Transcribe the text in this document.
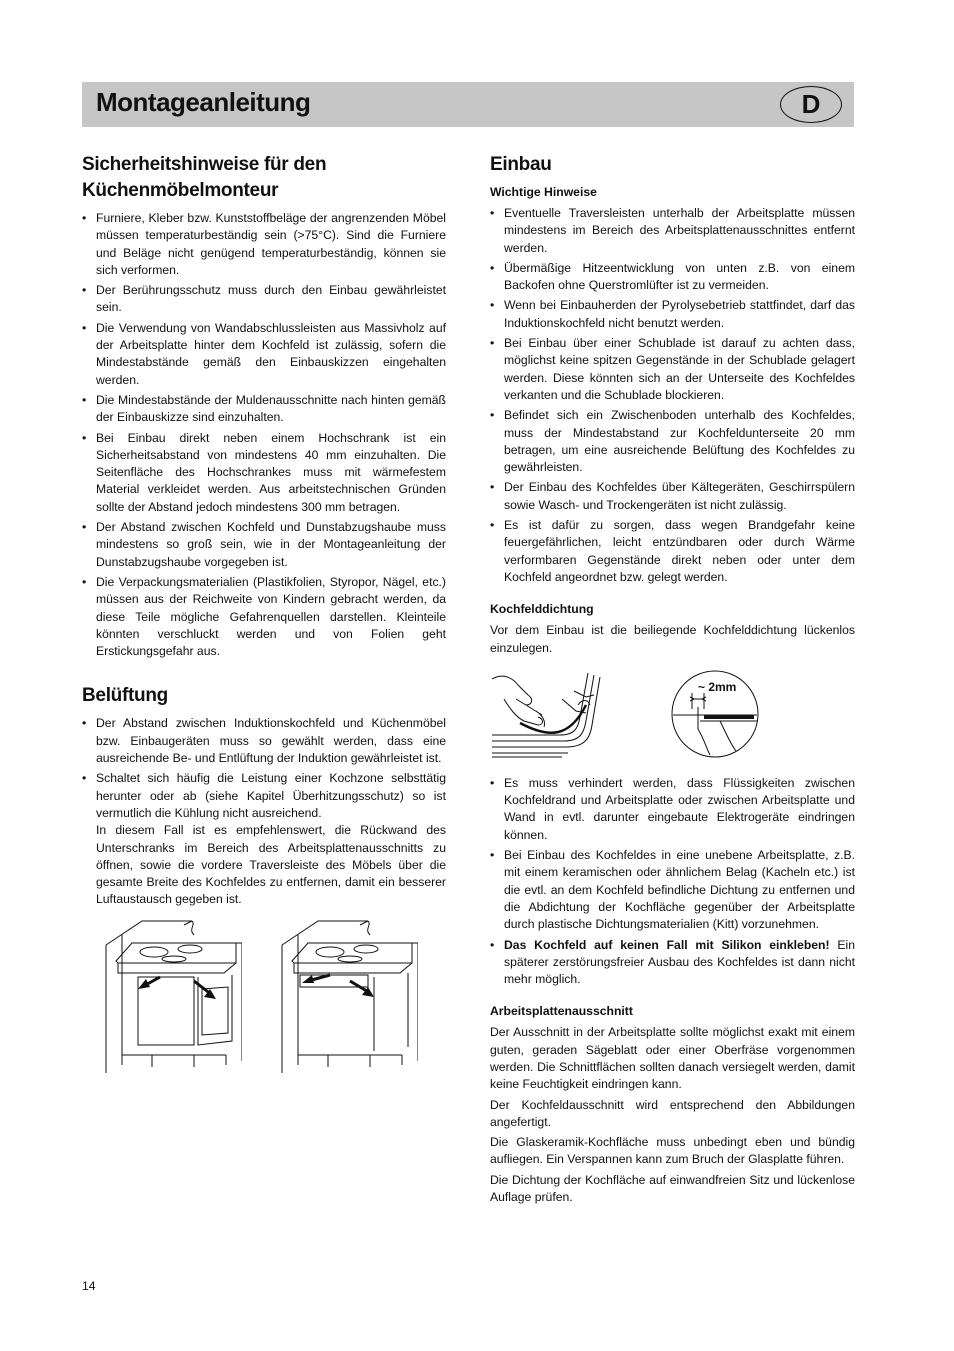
Montageanleitung	D
Sicherheitshinweise für den
Küchenmöbelmonteur
• Furniere, Kleber bzw. Kunststoffbeläge der angrenzenden Möbel müssen temperaturbeständig sein (>75°C). Sind die Furniere und Beläge nicht genügend temperaturbeständig, können sie sich verformen.
• Der Berührungsschutz muss durch den Einbau gewährleistet sein.
• Die Verwendung von Wandabschlussleisten aus Massivholz auf der Arbeitsplatte hinter dem Kochfeld ist zulässig, sofern die Mindestabstände gemäß den Einbauskizzen eingehalten werden.
• Die Mindestabstände der Muldenausschnitte nach hinten gemäß der Einbauskizze sind einzuhalten.
• Bei Einbau direkt neben einem Hochschrank ist ein Sicherheitsabstand von mindestens 40 mm einzuhalten. Die Seitenfläche des Hochschrankes muss mit wärmefestem Material verkleidet werden. Aus arbeitstechnischen Gründen sollte der Abstand jedoch mindestens 300 mm betragen.
• Der Abstand zwischen Kochfeld und Dunstabzugshaube muss mindestens so groß sein, wie in der Montageanleitung der Dunstabzugshaube vorgegeben ist.
• Die Verpackungsmaterialien (Plastikfolien, Styropor, Nägel, etc.) müssen aus der Reichweite von Kindern gebracht werden, da diese Teile mögliche Gefahrenquellen darstellen. Kleinteile könnten verschluckt werden und von Folien geht Erstickungsgefahr aus.
Belüftung
• Der Abstand zwischen Induktionskochfeld und Küchenmöbel bzw. Einbaugeräten muss so gewählt werden, dass eine ausreichende Be- und Entlüftung der Induktion gewährleistet ist.
• Schaltet sich häufig die Leistung einer Kochzone selbsttätig herunter oder ab (siehe Kapitel Überhitzungsschutz) so ist vermutlich die Kühlung nicht ausreichend.
In diesem Fall ist es empfehlenswert, die Rückwand des Unterschranks im Bereich des Arbeitsplattenausschnitts zu öffnen, sowie die vordere Traversleiste des Möbels über die gesamte Breite des Kochfeldes zu entfernen, damit ein besserer Luftaustausch gegeben ist.
Einbau
Wichtige Hinweise
• Eventuelle Traversleisten unterhalb der Arbeitsplatte müssen mindestens im Bereich des Arbeitsplattenausschnittes entfernt werden.
• Übermäßige Hitzeentwicklung von unten z.B. von einem Backofen ohne Querstromlüfter ist zu vermeiden.
• Wenn bei Einbauherden der Pyrolysebetrieb stattfindet, darf das Induktionskochfeld nicht benutzt werden.
• Bei Einbau über einer Schublade ist darauf zu achten dass, möglichst keine spitzen Gegenstände in der Schublade gelagert werden. Diese könnten sich an der Unterseite des Kochfeldes verkanten und die Schublade blockieren.
• Befindet sich ein Zwischenboden unterhalb des Kochfeldes, muss der Mindestabstand zur Kochfeldunterseite 20 mm betragen, um eine ausreichende Belüftung des Kochfeldes zu gewährleisten.
• Der Einbau des Kochfeldes über Kältegeräten, Geschirrspülern sowie Wasch- und Trockengeräten ist nicht zulässig.
• Es ist dafür zu sorgen, dass wegen Brandgefahr keine feuergefährlichen, leicht entzündbaren oder durch Wärme verformbaren Gegenstände direkt neben oder unter dem Kochfeld angeordnet bzw. gelegt werden.
Kochfelddichtung

Vor dem Einbau ist die beiliegende Kochfelddichtung lückenlos einzulegen.

~ 2mm
• Es muss verhindert werden, dass Flüssigkeiten zwischen Kochfeldrand und Arbeitsplatte oder zwischen Arbeitsplatte und Wand in evtl. darunter eingebaute Elektrogeräte eindringen können.
• Bei Einbau des Kochfeldes in eine unebene Arbeitsplatte, z.B. mit einem keramischen oder ähnlichem Belag (Kacheln etc.) ist die evtl. an dem Kochfeld befindliche Dichtung zu entfernen und die Abdichtung der Kochfläche gegenüber der Arbeitsplatte durch plastische Dichtungsmaterialien (Kitt) vorzunehmen.
• Das Kochfeld auf keinen Fall mit Silikon einkleben! Ein späterer zerstörungsfreier Ausbau des Kochfeldes ist dann nicht mehr möglich.
Arbeitsplattenausschnitt

Der Ausschnitt in der Arbeitsplatte sollte möglichst exakt mit einem guten, geraden Sägeblatt oder einer Oberfräse vorgenommen werden. Die Schnittflächen sollten danach versiegelt werden, damit keine Feuchtigkeit eindringen kann.

Der Kochfeldausschnitt wird entsprechend den Abbildungen angefertigt.

Die Glaskeramik-Kochfläche muss unbedingt eben und bündig aufliegen. Ein Verspannen kann zum Bruch der Glasplatte führen.

Die Dichtung der Kochfläche auf einwandfreien Sitz und lückenlose Auflage prüfen.

14
